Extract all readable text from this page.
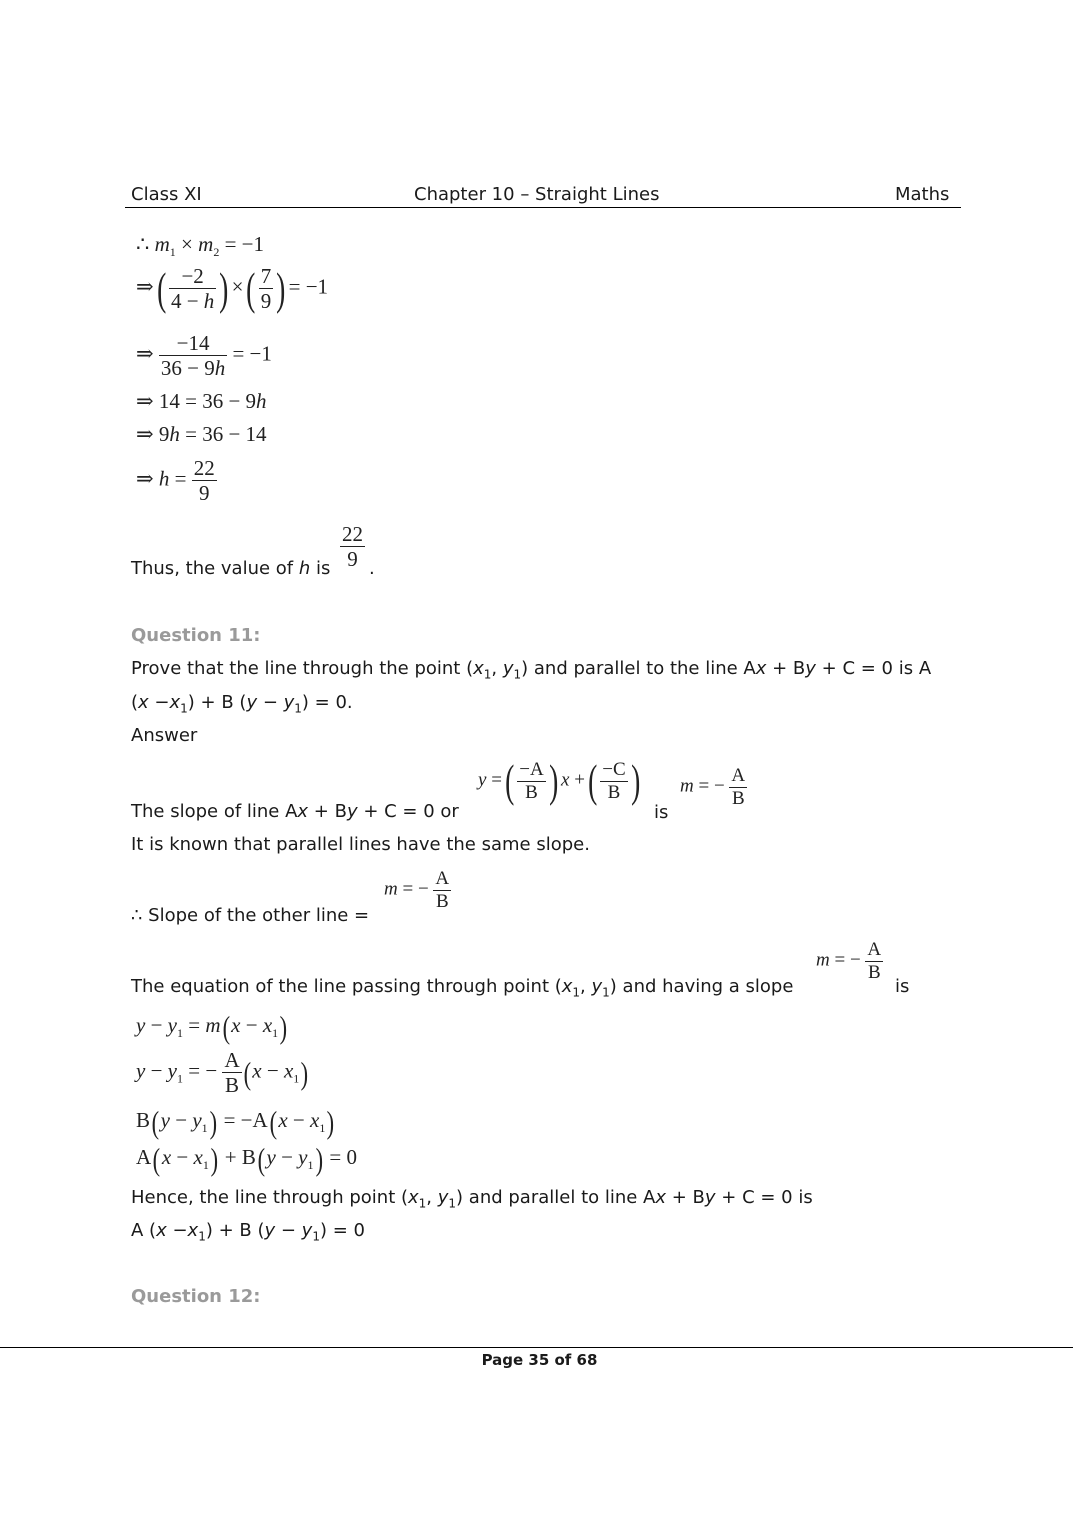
Class XI	Chapter 10 – Straight Lines	Maths
∴ $m_1 \times m_2 = -1$
⇒( $\frac{-2}{4 - h}$ ) ×( $\frac{7}{9}$ ) = −1
⇒ $\frac{-14}{36 - 9h} = -1$
⇒ 14 = 36 − 9h
⇒ 9h = 36 − 14
⇒ $h = \frac{22}{9}$
Thus, the value of h is $\frac{22}{9}$ .
Question 11:
Prove that the line through the point ($x_1$, $y_1$) and parallel to the line Ax + By + C = 0 is A
$(x -x_1) + B$ $(y - y_1) = 0$.
Answer
The slope of line Ax + By + C = 0 or
y =( $\frac{-A}{B}$ ) x +( $\frac{-C}{B}$ )
is
m = − $\frac{A}{B}$
It is known that parallel lines have the same slope.
∴ Slope of the other line =
m = − $\frac{A}{B}$
The equation of the line passing through point ($x_1$, $y_1$) and having a slope
m = − $\frac{A}{B}$
is
$y - y_1 = m(x - x_1)$
$y - y_1$ = − $\frac{A}{B} (x - x_1)$
$B(y - y_1) = -A(x - x_1)$
$A(x - x_1) + B(y - y_1) = 0$
Hence, the line through point ($x_1$, $y_1$) and parallel to line Ax + By + C = 0 is
A $(x -x_1) + B$ $(y - y_1) = 0$
Question 12:
Page 35 of 68
